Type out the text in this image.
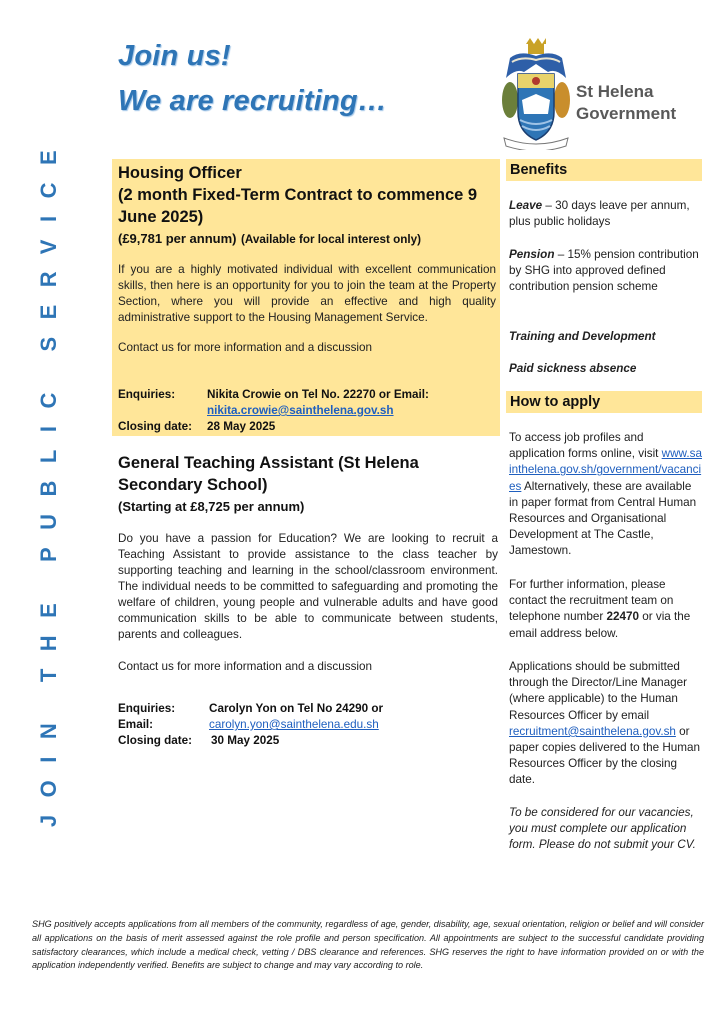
Join us!
We are recruiting…	St Helena
Government
JOIN THE PUBLIC SERVICE	Housing Officer
(2 month Fixed-Term Contract to commence 9
June 2025)
(£9,781 per annum) (Available for local interest only)
If you are a highly motivated individual with excellent communication skills, then here is an opportunity for you to join the team at the Property Section, where you will provide an effective and high quality administrative support to the Housing Management Service.
Contact us for more information and a discussion
Enquiries:	Nikita Crowie on Tel No. 22270 or Email:
nikita.crowie@sainthelena.gov.sh
Closing date: 28 May 2025
General Teaching Assistant (St Helena
Secondary School)
(Starting at £8,725 per annum)
Do you have a passion for Education? We are looking to recruit a Teaching Assistant to provide assistance to the class teacher by supporting teaching and learning in the school/classroom environment. The individual needs to be committed to safeguarding and promoting the welfare of children, young people and vulnerable adults and have good communication skills to be able to communicate between students, parents and colleagues.
Contact us for more information and a discussion
Enquiries:	Carolyn Yon on Tel No 24290 or
Email:	carolyn.yon@sainthelena.edu.sh
Closing date: 30 May 2025
Benefits
Leave – 30 days leave per annum, plus public holidays
Pension – 15% pension contribution by SHG into approved defined contribution pension scheme
Training and Development
Paid sickness absence
How to apply
To access job profiles and application forms online, visit www.sainthelena.gov.sh/government/vacancies Alternatively, these are available in paper format from Central Human Resources and Organisational Development at The Castle, Jamestown.
For further information, please contact the recruitment team on telephone number 22470 or via the email address below.
Applications should be submitted through the Director/Line Manager (where applicable) to the Human Resources Officer by email recruitment@sainthelena.gov.sh or paper copies delivered to the Human Resources Officer by the closing date.
To be considered for our vacancies, you must complete our application form. Please do not submit your CV.
SHG positively accepts applications from all members of the community, regardless of age, gender, disability, age, sexual orientation, religion or belief and will consider all applications on the basis of merit assessed against the role profile and person specification. All appointments are subject to the successful candidate providing satisfactory clearances, which include a medical check, vetting / DBS clearance and references. SHG reserves the right to have information provided on or with the application independently verified. Benefits are subject to change and may vary according to role.
